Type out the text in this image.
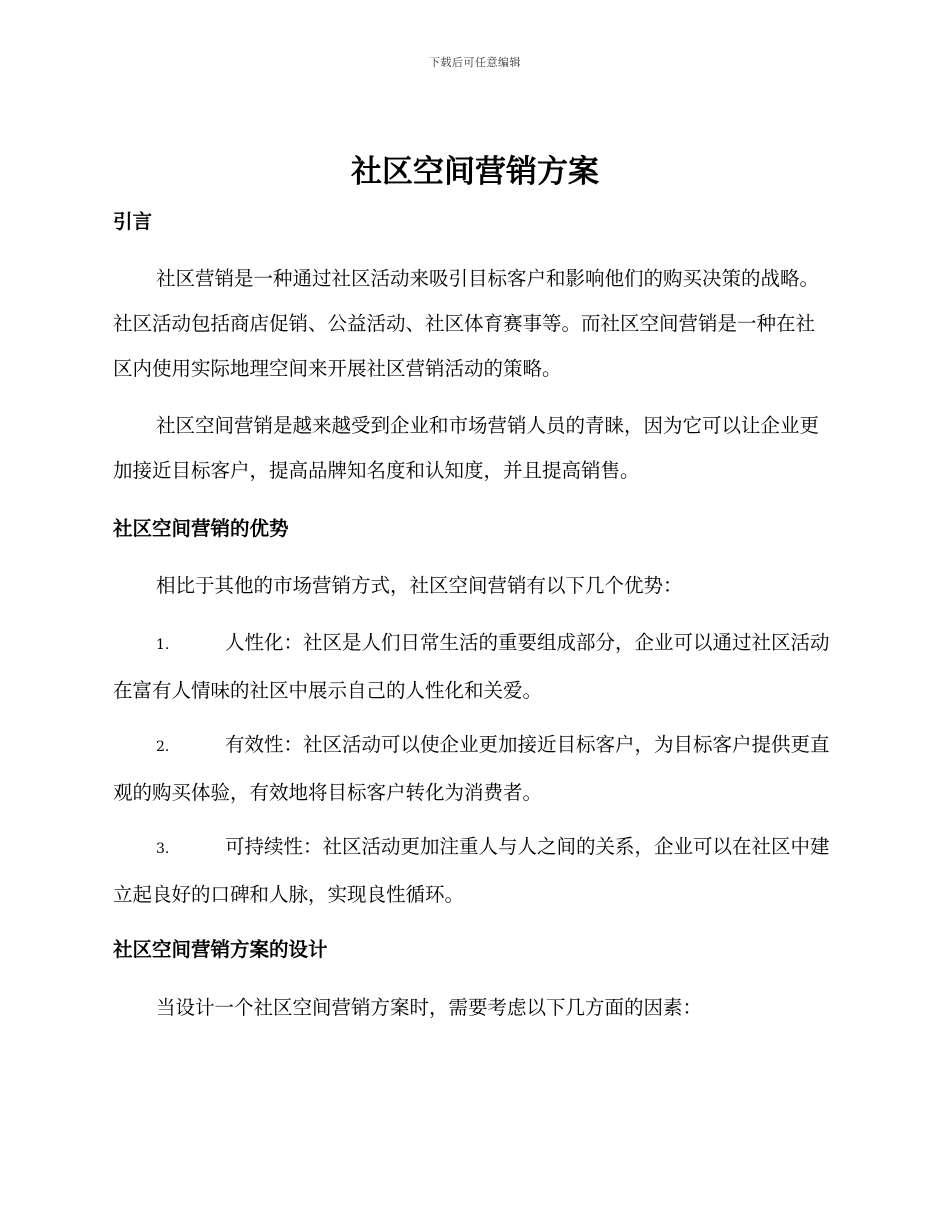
下载后可任意编辑
社区空间营销方案
引言

社区营销是一种通过社区活动来吸引目标客户和影响他们的购买决策的战略。社区活动包括商店促销、公益活动、社区体育赛事等。而社区空间营销是一种在社区内使用实际地理空间来开展社区营销活动的策略。

社区空间营销是越来越受到企业和市场营销人员的青睐，因为它可以让企业更加接近目标客户，提高品牌知名度和认知度，并且提高销售。

社区空间营销的优势

相比于其他的市场营销方式，社区空间营销有以下几个优势：

1.	人性化：社区是人们日常生活的重要组成部分，企业可以通过社区活动在富有人情味的社区中展示自己的人性化和关爱。

2.	有效性：社区活动可以使企业更加接近目标客户，为目标客户提供更直观的购买体验，有效地将目标客户转化为消费者。

3.	可持续性：社区活动更加注重人与人之间的关系，企业可以在社区中建立起良好的口碑和人脉，实现良性循环。

社区空间营销方案的设计

当设计一个社区空间营销方案时，需要考虑以下几方面的因素：
